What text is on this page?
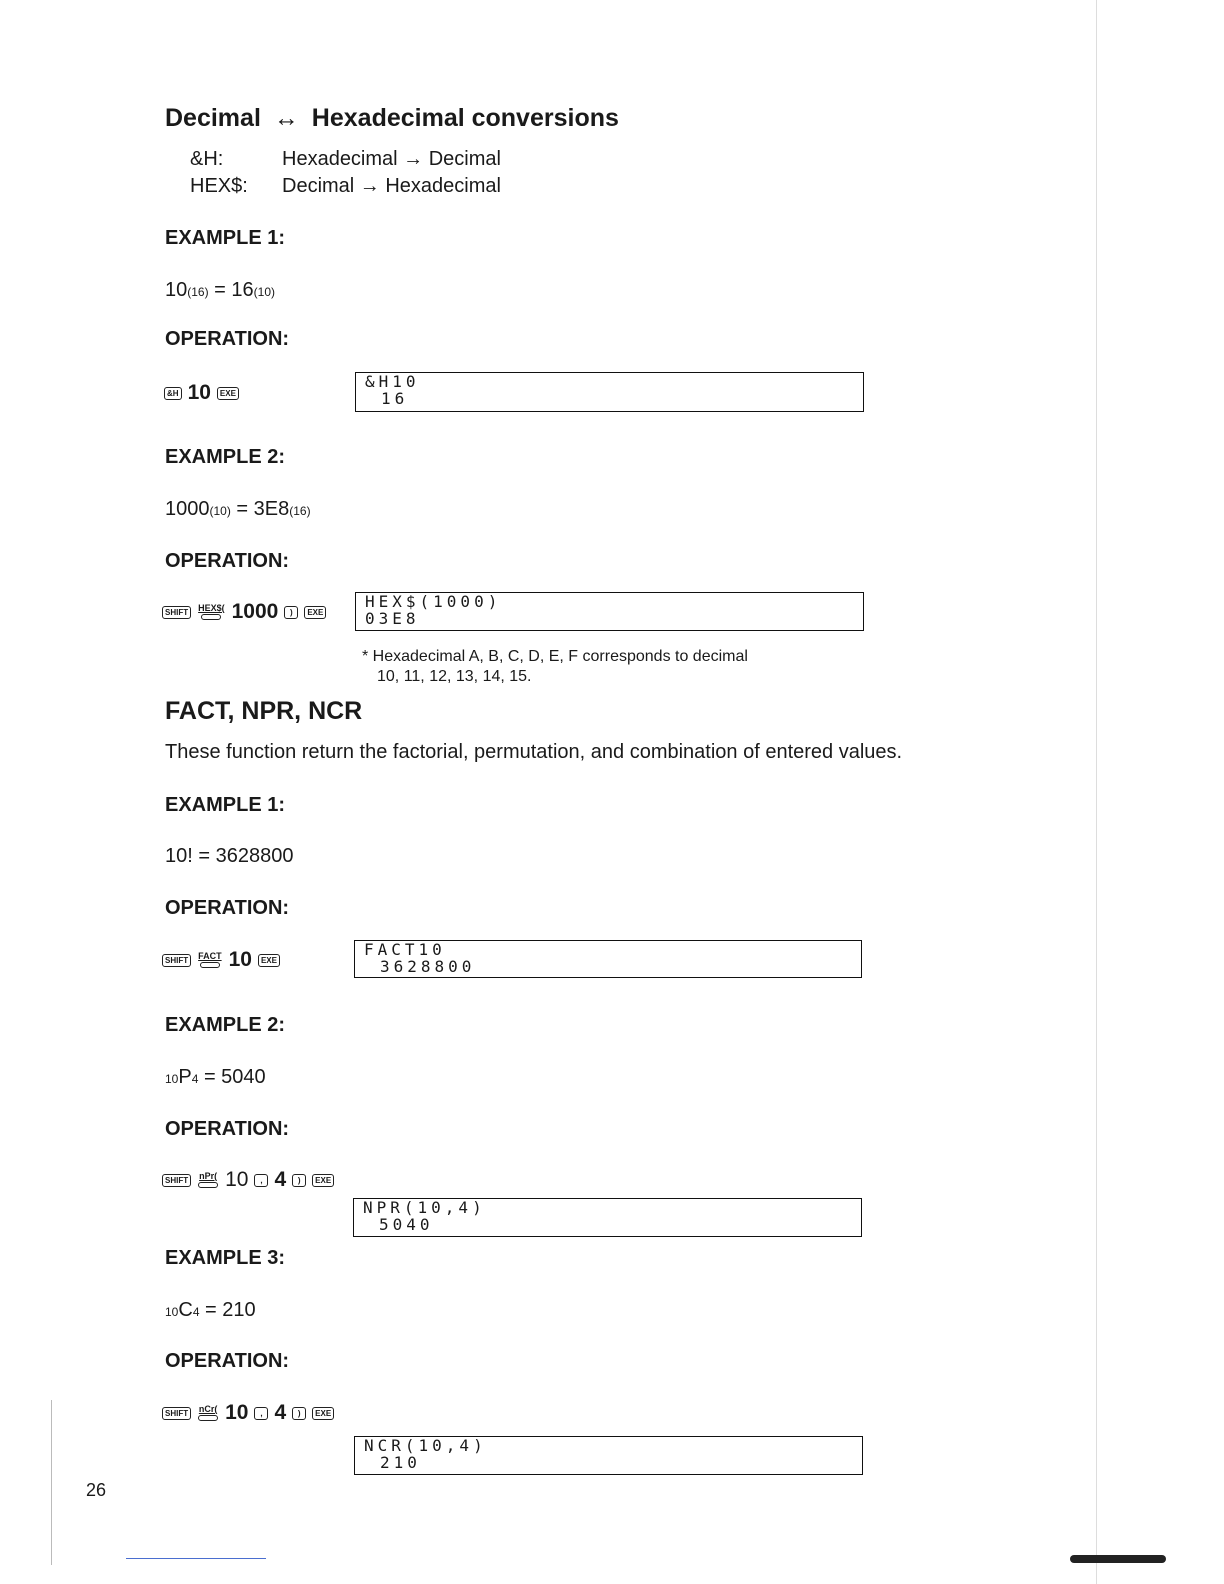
Decimal ↔ Hexadecimal conversions
&H:	Hexadecimal → Decimal
HEX$: Decimal → Hexadecimal
EXAMPLE 1:
10(16) = 16(10)
OPERATION:
&H 10	EXE
&H10
16
EXAMPLE 2:
1000(10) = 3E8(16)
OPERATION:
SHIFT	HEX$( 1000	)	EXE
HEX$(1000)
03E8
* Hexadecimal A, B, C, D, E, F corresponds to decimal
10, 11, 12, 13, 14, 15.
FACT, NPR, NCR
These function return the factorial, permutation, and combination of entered values.
EXAMPLE 1:
10! = 3628800
OPERATION:
SHIFT	FACT 10	EXE
FACT10
3628800
EXAMPLE 2:
10P4 = 5040
OPERATION:
SHIFT	nPr( 10	, 4	)	EXE
NPR(10,4)
5040
EXAMPLE 3:
10C4 = 210
OPERATION:
SHIFT	nCr( 10	, 4	)	EXE
NCR(10,4)
210
26
